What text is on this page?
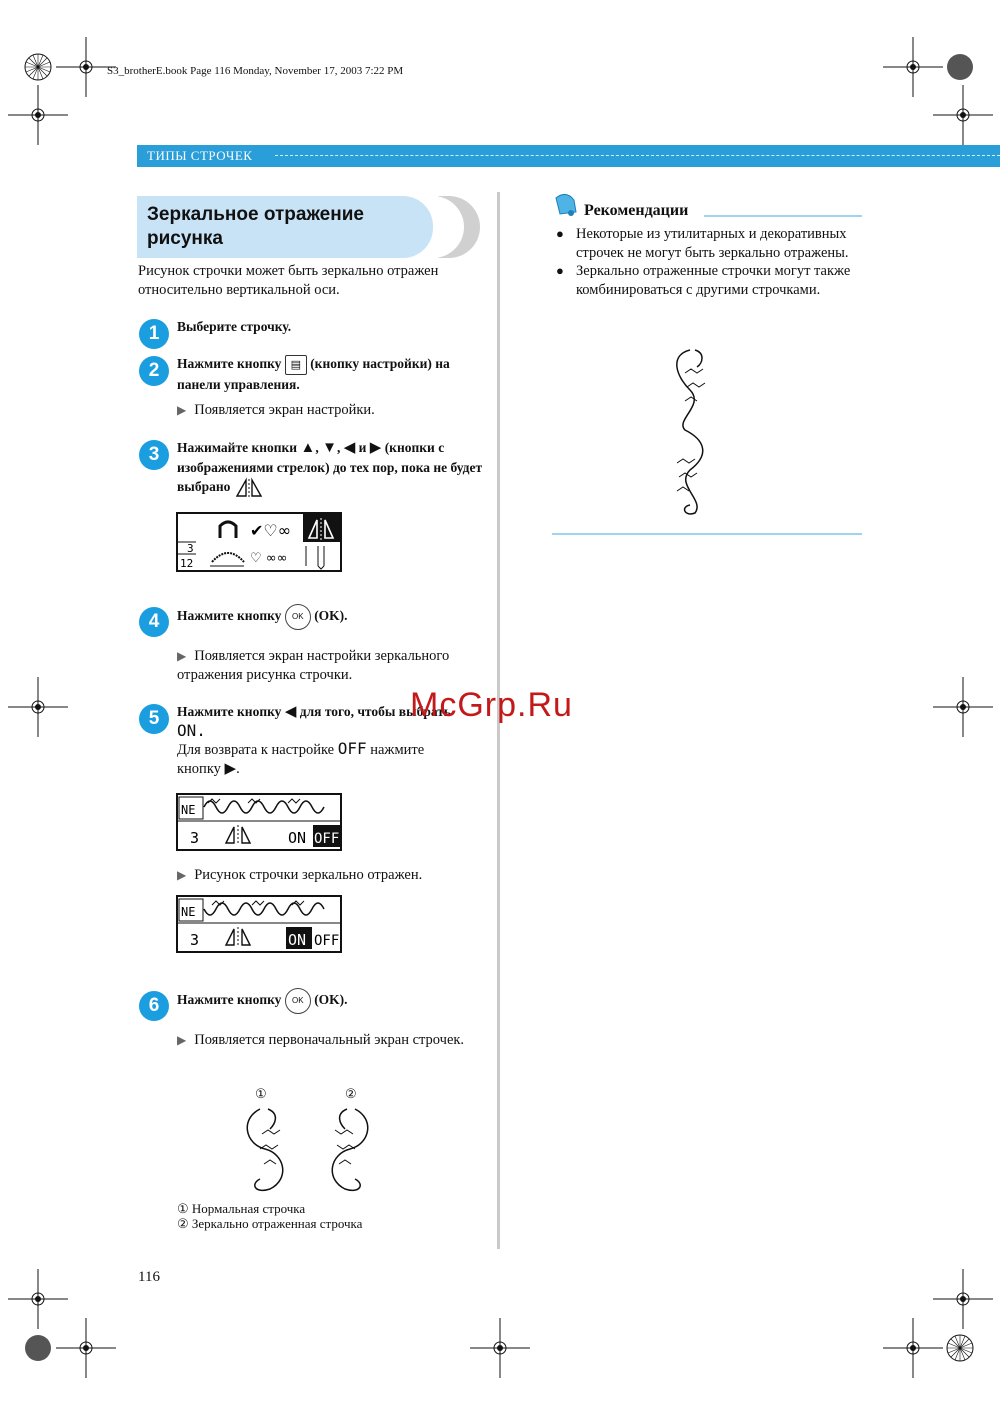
S3_brotherE.book Page 116 Monday, November 17, 2003 7:22 PM
ТИПЫ СТРОЧЕК
Зеркальное отражение
рисунка
Рисунок строчки может быть зеркально отражен относительно вертикальной оси.
1	Выберите строчку.
2	Нажмите кнопку ▤ (кнопку настройки) на панели управления.
▶ Появляется экран настройки.
3	Нажимайте кнопки ▲, ▼, ◀ и ▶ (кнопки с изображениями стрелок) до тех пор, пока не будет выбрано
3
12
✔♡∞
♡ ∞∞
4	Нажмите кнопку OK (OK).
▶ Появляется экран настройки зеркального отражения рисунка строчки.
5	Нажмите кнопку ◀ для того, чтобы выбрать
ON.
Для возврата к настройке OFF нажмите
кнопку ▶.
NE
3	ON OFF
▶ Рисунок строчки зеркально отражен.
NE
3	ON OFF
6	Нажмите кнопку OK (OK).
▶ Появляется первоначальный экран строчек.
①	②
① Нормальная строчка
② Зеркально отраженная строчка
116
Рекомендации
● Некоторые из утилитарных и декоративных строчек не могут быть зеркально отражены.
● Зеркально отраженные строчки могут также комбинироваться с другими строчками.
McGrp.Ru
